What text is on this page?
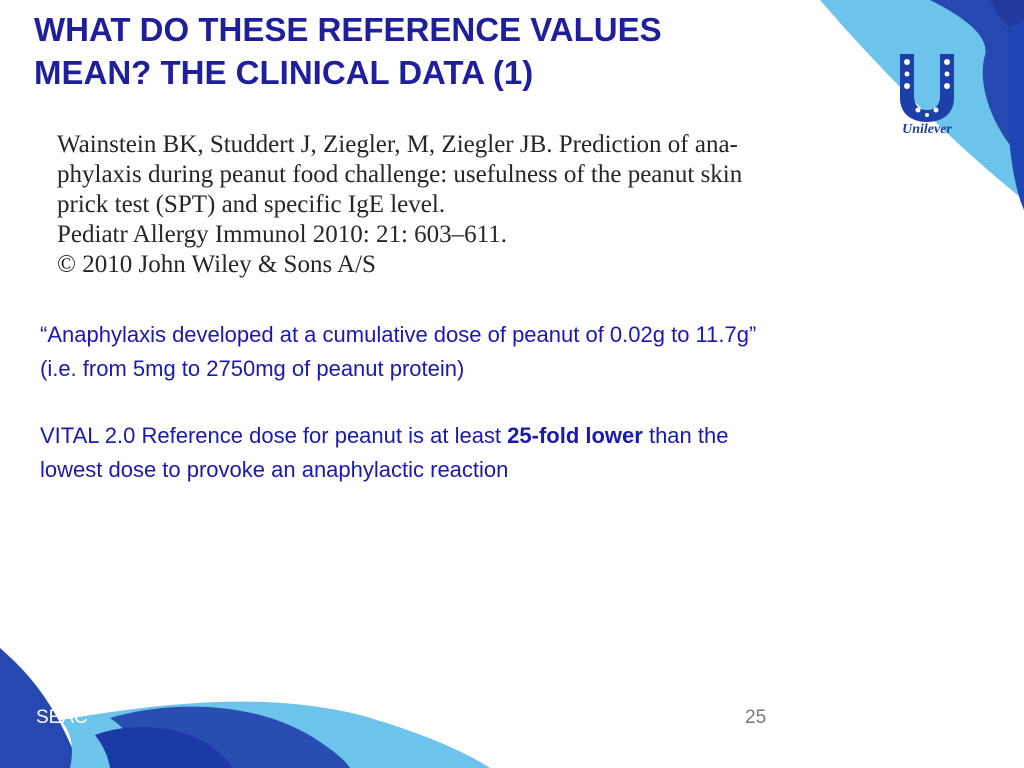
WHAT DO THESE REFERENCE VALUES
MEAN? THE CLINICAL DATA (1)
Unilever
Wainstein BK, Studdert J, Ziegler, M, Ziegler JB. Prediction of ana-
phylaxis during peanut food challenge: usefulness of the peanut skin
prick test (SPT) and specific IgE level.
Pediatr Allergy Immunol 2010: 21: 603–611.
© 2010 John Wiley & Sons A/S

“Anaphylaxis developed at a cumulative dose of peanut of 0.02g to 11.7g”
(i.e. from 5mg to 2750mg of peanut protein)

VITAL 2.0 Reference dose for peanut is at least 25-fold lower than the
lowest dose to provoke an anaphylactic reaction

SEAC	25
